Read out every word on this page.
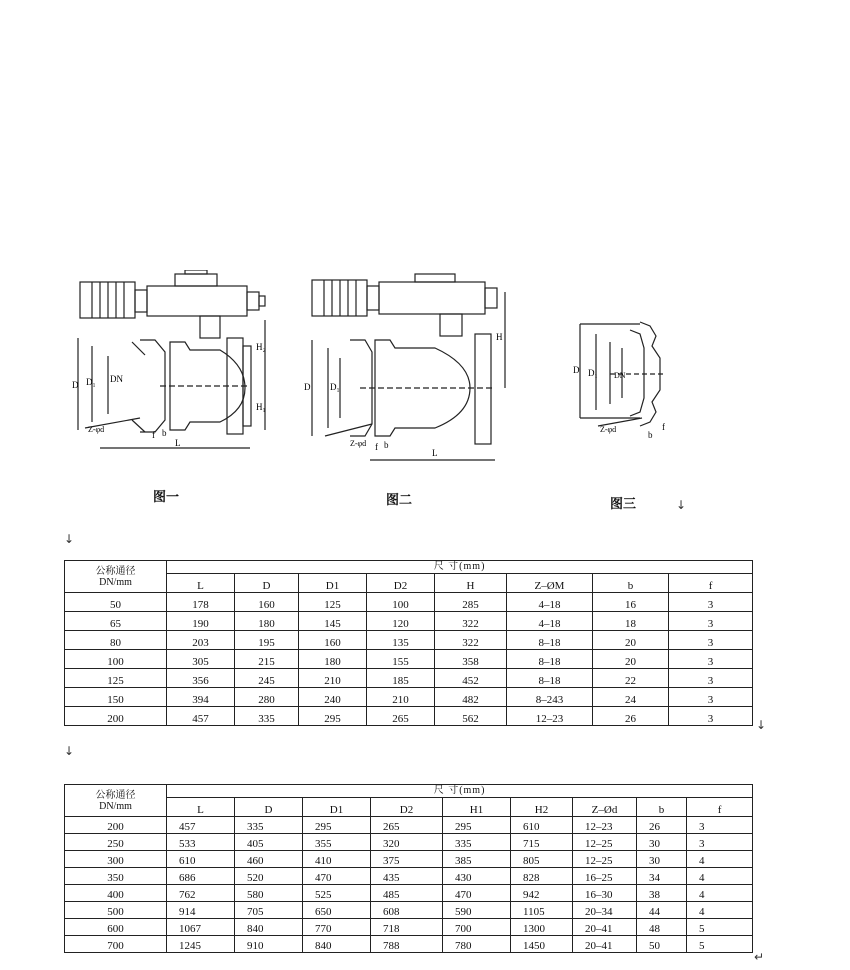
D D₁ DN
H₂
H₁
L
b
f
Z-φd
D D₁
H
L
b
f
Z-φd
D D₁ DN
b
f
Z-φd
图一	图二	图三	↓
↓
↓
↓
↵
公称通径
DN/mm	尺 寸(mm)							
	L	D	D1	D2	H	Z–ØM	b	f
50	178	160	125	100	285	4–18	16	3
65	190	180	145	120	322	4–18	18	3
80	203	195	160	135	322	8–18	20	3
100	305	215	180	155	358	8–18	20	3
125	356	245	210	185	452	8–18	22	3
150	394	280	240	210	482	8–243	24	3
200	457	335	295	265	562	12–23	26	3
公称通径
DN/mm	尺 寸(mm)								
	L	D	D1	D2	H1	H2	Z–Ød	b	f
200	457	335	295	265	295	610	12–23	26	3
250	533	405	355	320	335	715	12–25	30	3
300	610	460	410	375	385	805	12–25	30	4
350	686	520	470	435	430	828	16–25	34	4
400	762	580	525	485	470	942	16–30	38	4
500	914	705	650	608	590	1105	20–34	44	4
600	1067	840	770	718	700	1300	20–41	48	5
700	1245	910	840	788	780	1450	20–41	50	5
